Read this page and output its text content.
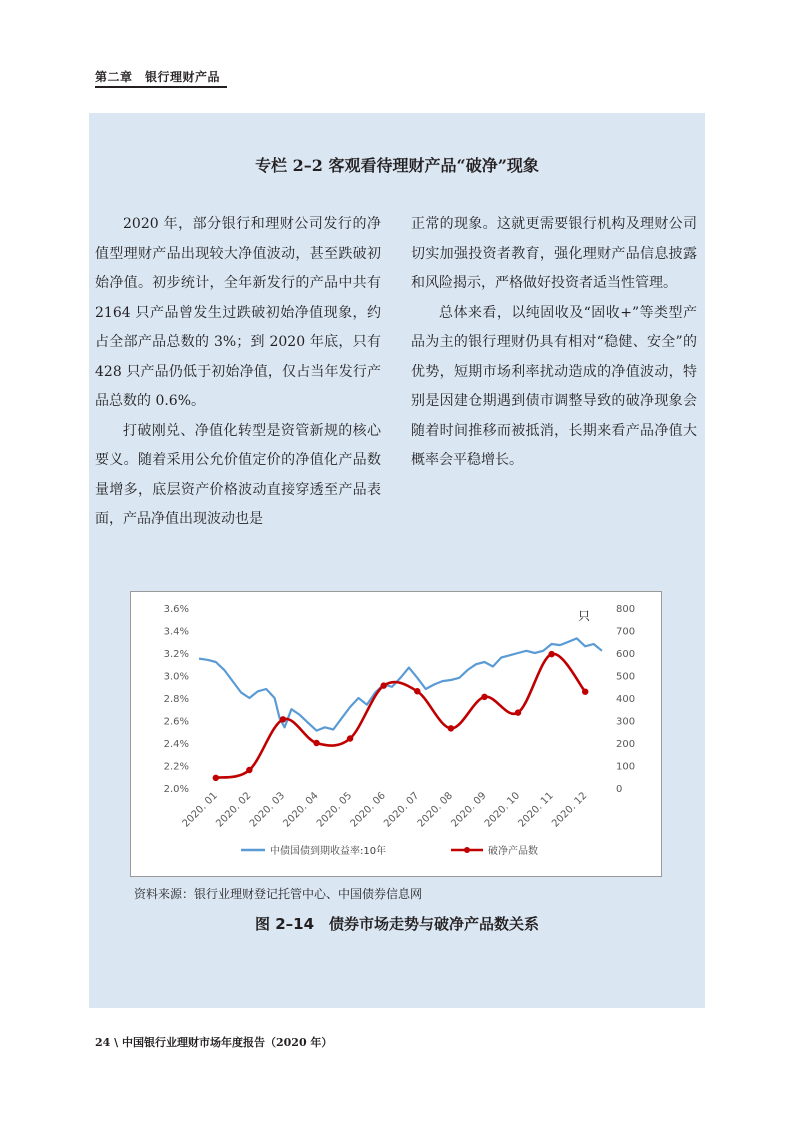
第二章　银行理财产品
专栏 2–2 客观看待理财产品“破净”现象

2020 年，部分银行和理财公司发行的净值型理财产品出现较大净值波动，甚至跌破初始净值。初步统计，全年新发行的产品中共有 2164 只产品曾发生过跌破初始净值现象，约占全部产品总数的 3%；到 2020 年底，只有 428 只产品仍低于初始净值，仅占当年发行产品总数的 0.6%。

打破刚兑、净值化转型是资管新规的核心要义。随着采用公允价值定价的净值化产品数量增多，底层资产价格波动直接穿透至产品表面，产品净值出现波动也是

正常的现象。这就更需要银行机构及理财公司切实加强投资者教育，强化理财产品信息披露和风险揭示，严格做好投资者适当性管理。

总体来看，以纯固收及“固收+”等类型产品为主的银行理财仍具有相对“稳健、安全”的优势，短期市场利率扰动造成的净值波动，特别是因建仓期遇到债市调整导致的破净现象会随着时间推移而被抵消，长期来看产品净值大概率会平稳增长。

2.0%
2.2%
2.4%
2.6%
2.8%
3.0%
3.2%
3.4%
3.6%
0
100
200
300
400
500
600
700
800
只
2020. 01
2020. 02
2020. 03
2020. 04
2020. 05
2020. 06
2020. 07
2020. 08
2020. 09
2020. 10
2020. 11
2020. 12
中债国债到期收益率:10年	破净产品数
资料来源：银行业理财登记托管中心、中国债券信息网
图 2–14　债券市场走势与破净产品数关系
24 \ 中国银行业理财市场年度报告（2020 年）
